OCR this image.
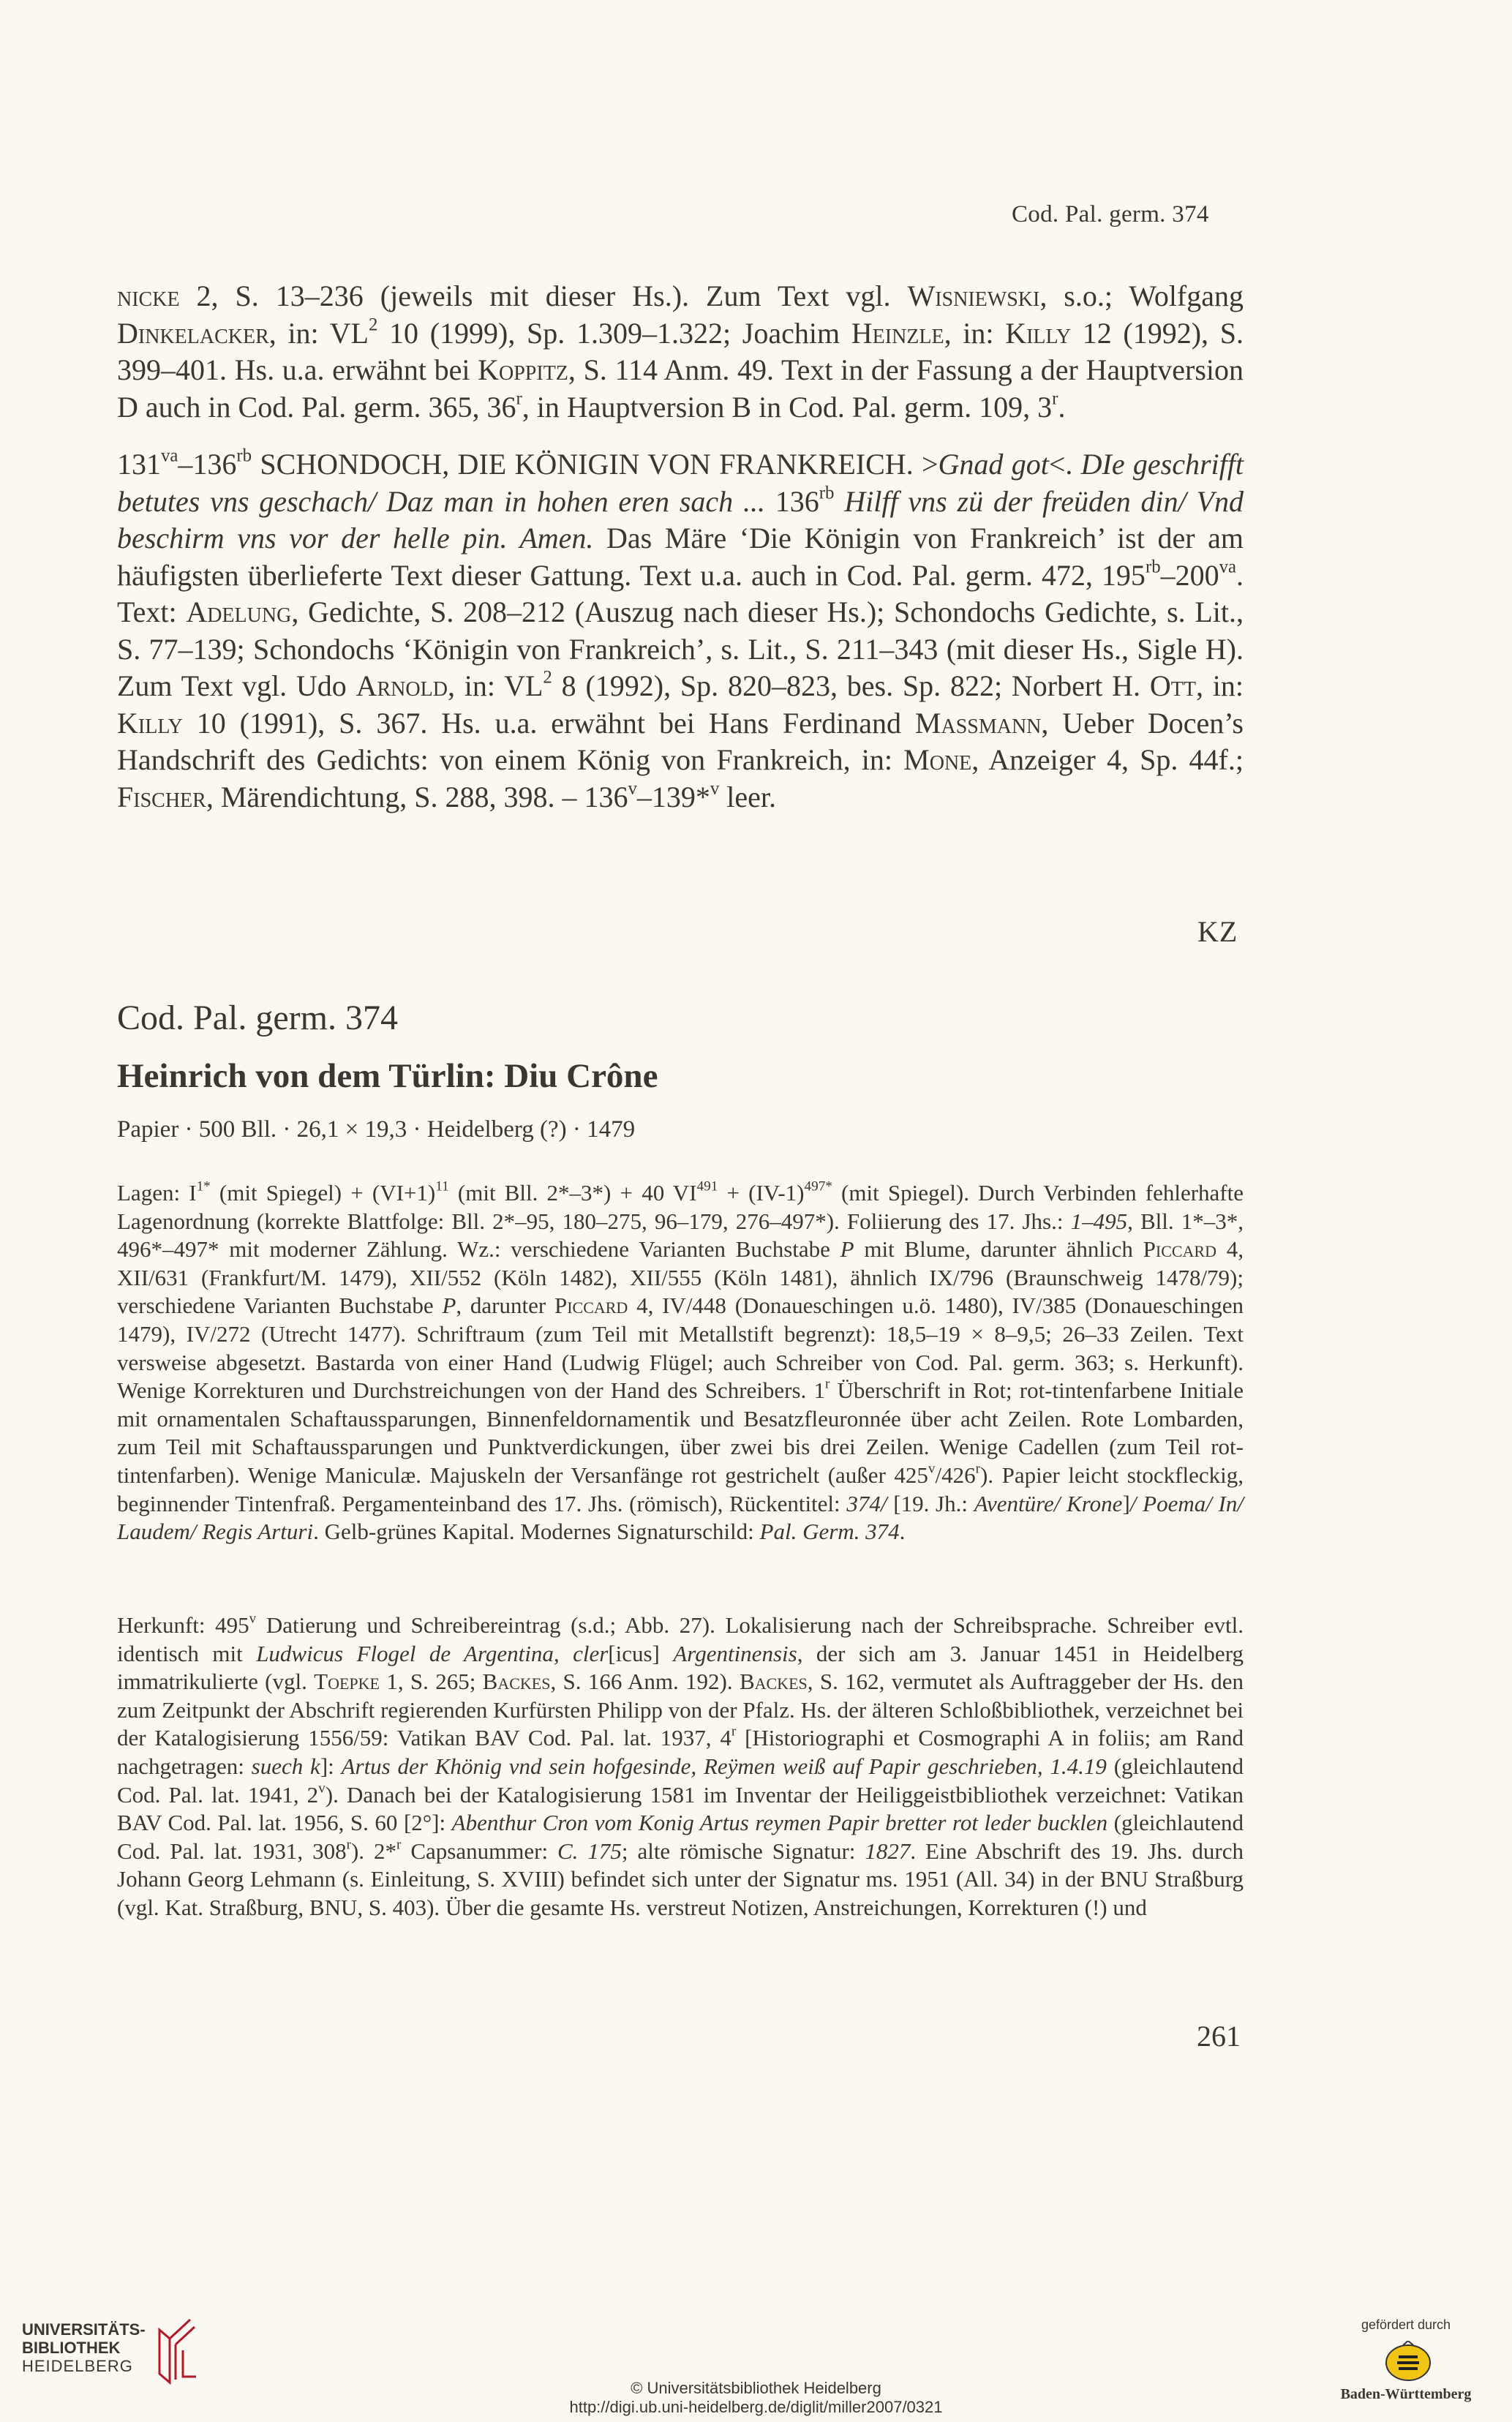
Cod. Pal. germ. 374

nicke 2, S. 13–236 (jeweils mit dieser Hs.). Zum Text vgl. Wisniewski, s.o.; Wolfgang Dinkelacker, in: $VL^2$ 10 (1999), Sp. 1.309–1.322; Joachim Heinzle, in: Killy 12 (1992), S. 399–401. Hs. u.a. erwähnt bei Koppitz, S. 114 Anm. 49. Text in der Fassung a der Hauptversion D auch in Cod. Pal. germ. 365, 36$^r$, in Hauptversion B in Cod. Pal. germ. 109, 3$^r$.

$131^{va}-136^{rb}$ SCHONDOCH, DIE KÖNIGIN VON FRANKREICH. >Gnad got<. DIe geschrifft betutes vns geschach/ Daz man in hohen eren sach ... $136^{rb}$ Hilff vns zü der freüden din/ Vnd beschirm vns vor der helle pin. Amen. Das Märe ‘Die Königin von Frankreich’ ist der am häufigsten überlieferte Text dieser Gattung. Text u.a. auch in Cod. Pal. germ. 472, $195^{rb}-200^{va}$. Text: Adelung, Gedichte, S. 208–212 (Auszug nach dieser Hs.); Schondochs Gedichte, s. Lit., S. 77–139; Schondochs ‘Königin von Frankreich’, s. Lit., S. 211–343 (mit dieser Hs., Sigle H). Zum Text vgl. Udo Arnold, in: $VL^2$ 8 (1992), Sp. 820–823, bes. Sp. 822; Norbert H. Ott, in: Killy 10 (1991), S. 367. Hs. u.a. erwähnt bei Hans Ferdinand Massmann, Ueber Docen’s Handschrift des Gedichts: von einem König von Frankreich, in: Mone, Anzeiger 4, Sp. 44f.; Fischer, Märendichtung, S. 288, 398. – 136$^v$–139*$^v$ leer.

KZ
Cod. Pal. germ. 374
Heinrich von dem Türlin: Diu Crône
Papier · 500 Bll. · 26,1 × 19,3 · Heidelberg (?) · 1479

Lagen: $I^{1*}$ (mit Spiegel) + $(VI+1)^{11}$ (mit Bll. 2*–3*) + 40 $VI^{491} + (IV-1)^{497*}$ (mit Spiegel). Durch Verbinden fehlerhafte Lagenordnung (korrekte Blattfolge: Bll. 2*–95, 180–275, 96–179, 276–497*). Foliierung des 17. Jhs.: 1–495, Bll. 1*–3*, 496*–497* mit moderner Zählung. Wz.: verschiedene Varianten Buchstabe P mit Blume, darunter ähnlich Piccard 4, XII/631 (Frankfurt/M. 1479), XII/552 (Köln 1482), XII/555 (Köln 1481), ähnlich IX/796 (Braunschweig 1478/79); verschiedene Varianten Buchstabe P, darunter Piccard 4, IV/448 (Donaueschingen u.ö. 1480), IV/385 (Donaueschingen 1479), IV/272 (Utrecht 1477). Schriftraum (zum Teil mit Metallstift begrenzt): 18,5–19 × 8–9,5; 26–33 Zeilen. Text versweise abgesetzt. Bastarda von einer Hand (Ludwig Flügel; auch Schreiber von Cod. Pal. germ. 363; s. Herkunft). Wenige Korrekturen und Durchstreichungen von der Hand des Schreibers. 1$^r$ Überschrift in Rot; rot-tintenfarbene Initiale mit ornamentalen Schaftaussparungen, Binnenfeldornamentik und Besatzfleuronnée über acht Zeilen. Rote Lombarden, zum Teil mit Schaftaussparungen und Punktverdickungen, über zwei bis drei Zeilen. Wenige Cadellen (zum Teil rot-tintenfarben). Wenige Maniculæ. Majuskeln der Versanfänge rot gestrichelt (außer 425$^v$/426$^r$). Papier leicht stockfleckig, beginnender Tintenfraß. Pergamenteinband des 17. Jhs. (römisch), Rückentitel: 374/ [19. Jh.: Aventüre/ Krone]/ Poema/ In/ Laudem/ Regis Arturi. Gelb-grünes Kapital. Modernes Signaturschild: Pal. Germ. 374.

Herkunft: 495$^v$ Datierung und Schreibereintrag (s.d.; Abb. 27). Lokalisierung nach der Schreibsprache. Schreiber evtl. identisch mit Ludwicus Flogel de Argentina, cler[icus] Argentinensis, der sich am 3. Januar 1451 in Heidelberg immatrikulierte (vgl. Toepke 1, S. 265; Backes, S. 166 Anm. 192). Backes, S. 162, vermutet als Auftraggeber der Hs. den zum Zeitpunkt der Abschrift regierenden Kurfürsten Philipp von der Pfalz. Hs. der älteren Schloßbibliothek, verzeichnet bei der Katalogisierung 1556/59: Vatikan BAV Cod. Pal. lat. 1937, 4$^r$ [Historiographi et Cosmographi A in foliis; am Rand nachgetragen: suech k]: Artus der Khönig vnd sein hofgesinde, Reÿmen weiß auf Papir geschrieben, 1.4.19 (gleichlautend Cod. Pal. lat. 1941, 2$^v$). Danach bei der Katalogisierung 1581 im Inventar der Heiliggeistbibliothek verzeichnet: Vatikan BAV Cod. Pal. lat. 1956, S. 60 [2°]: Abenthur Cron vom Konig Artus reymen Papir bretter rot leder bucklen (gleichlautend Cod. Pal. lat. 1931, 308$^r$). 2*$^r$ Capsanummer: C. 175; alte römische Signatur: 1827. Eine Abschrift des 19. Jhs. durch Johann Georg Lehmann (s. Einleitung, S. XVIII) befindet sich unter der Signatur ms. 1951 (All. 34) in der BNU Straßburg (vgl. Kat. Straßburg, BNU, S. 403). Über die gesamte Hs. verstreut Notizen, Anstreichungen, Korrekturen (!) und

261
UNIVERSITÄTS-
BIBLIOTHEK
HEIDELBERG
© Universitätsbibliothek Heidelberg
http://digi.ub.uni-heidelberg.de/diglit/miller2007/0321
gefördert durch
Baden-Württemberg
